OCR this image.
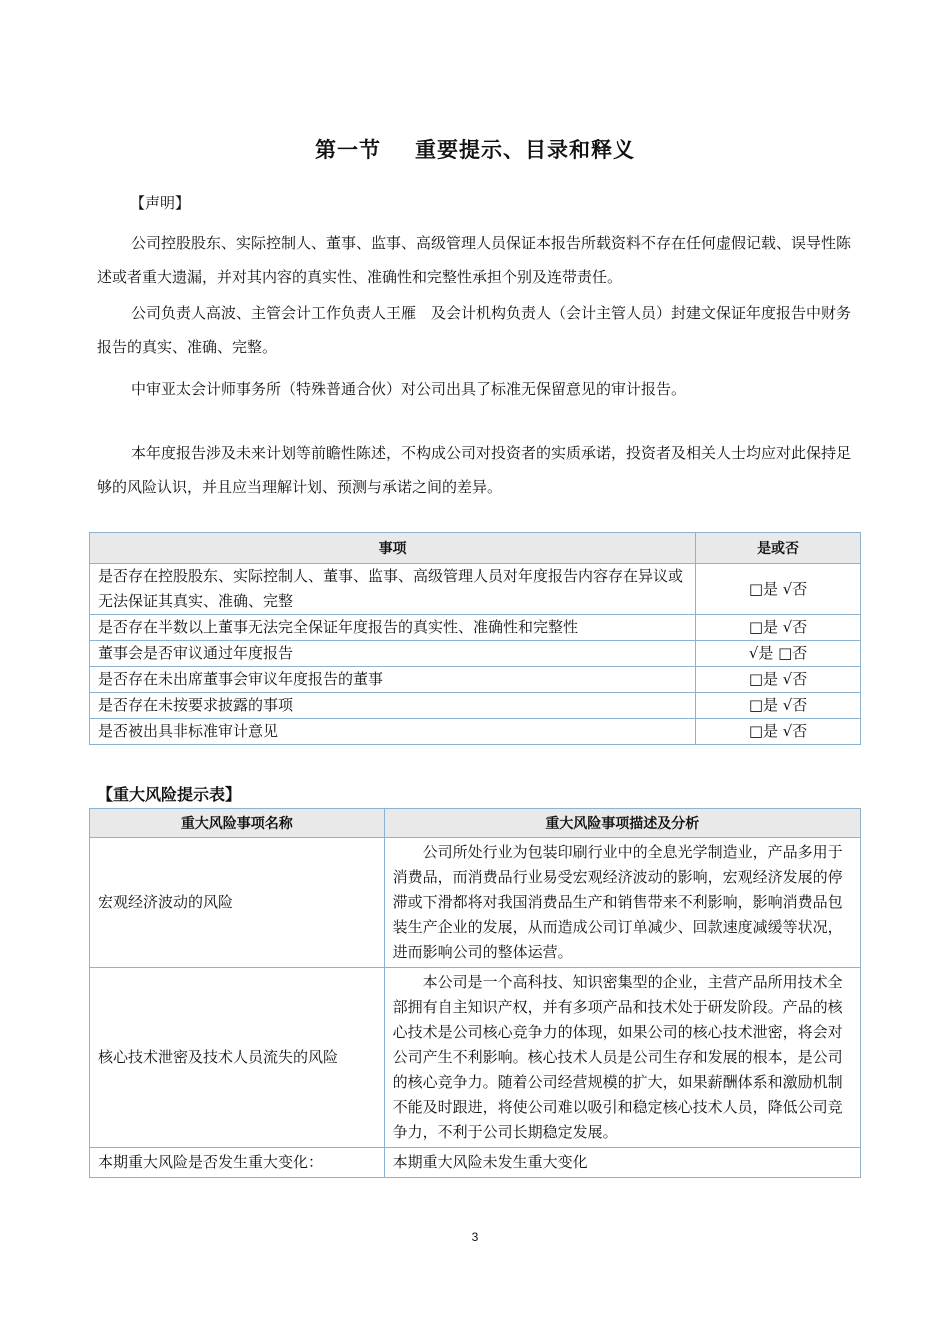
第一节 重要提示、目录和释义
【声明】

公司控股股东、实际控制人、董事、监事、高级管理人员保证本报告所载资料不存在任何虚假记载、误导性陈述或者重大遗漏，并对其内容的真实性、准确性和完整性承担个别及连带责任。

公司负责人高波、主管会计工作负责人王雁　及会计机构负责人（会计主管人员）封建文保证年度报告中财务报告的真实、准确、完整。

中审亚太会计师事务所（特殊普通合伙）对公司出具了标准无保留意见的审计报告。

本年度报告涉及未来计划等前瞻性陈述，不构成公司对投资者的实质承诺，投资者及相关人士均应对此保持足够的风险认识，并且应当理解计划、预测与承诺之间的差异。

事项	是或否
是否存在控股股东、实际控制人、董事、监事、高级管理人员对年度报告内容存在异议或无法保证其真实、准确、完整	□是 √否
是否存在半数以上董事无法完全保证年度报告的真实性、准确性和完整性	□是 √否
董事会是否审议通过年度报告	√是 □否
是否存在未出席董事会审议年度报告的董事	□是 √否
是否存在未按要求披露的事项	□是 √否
是否被出具非标准审计意见	□是 √否
【重大风险提示表】
重大风险事项名称	重大风险事项描述及分析
宏观经济波动的风险	公司所处行业为包装印刷行业中的全息光学制造业，产品多用于消费品，而消费品行业易受宏观经济波动的影响，宏观经济发展的停滞或下滑都将对我国消费品生产和销售带来不利影响，影响消费品包装生产企业的发展，从而造成公司订单减少、回款速度减缓等状况，进而影响公司的整体运营。
核心技术泄密及技术人员流失的风险	本公司是一个高科技、知识密集型的企业，主营产品所用技术全部拥有自主知识产权，并有多项产品和技术处于研发阶段。产品的核心技术是公司核心竞争力的体现，如果公司的核心技术泄密，将会对公司产生不利影响。核心技术人员是公司生存和发展的根本，是公司的核心竞争力。随着公司经营规模的扩大，如果薪酬体系和激励机制不能及时跟进，将使公司难以吸引和稳定核心技术人员，降低公司竞争力，不利于公司长期稳定发展。
本期重大风险是否发生重大变化：	本期重大风险未发生重大变化
3
